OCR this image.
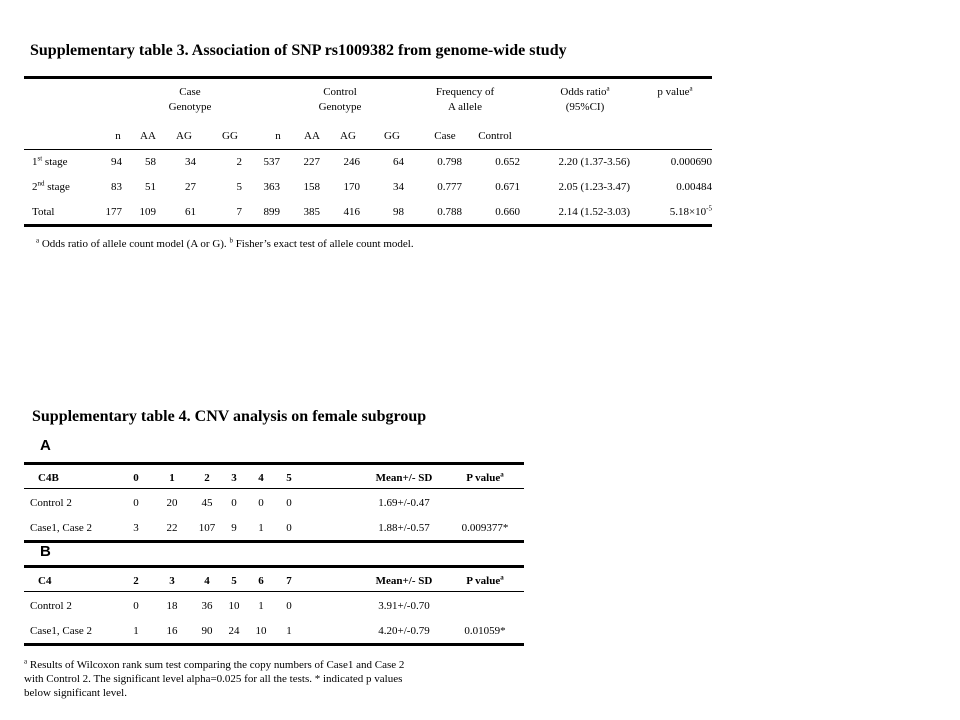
Supplementary table 3. Association of SNP rs1009382 from genome-wide study
Case
Genotype
Control
Genotype
Frequency of
A allele
Odds ratio$^a$
(95%CI)
p value$^a$
n	AA	AG	GG	n	AA	AG	GG	Case	Control
1st stage	94	58	34	2	537	227	246	64	0.798	0.652	2.20 (1.37-3.56)	0.000690
2nd stage	83	51	27	5	363	158	170	34	0.777	0.671	2.05 (1.23-3.47)	0.00484
Total	177	109	61	7	899	385	416	98	0.788	0.660	2.14 (1.52-3.03)	$5.18\times 10^{-5}$
$^a$ Odds ratio of allele count model (A or G). $^b$ Fisher’s exact test of allele count model.
Supplementary table 4. CNV analysis on female subgroup
A
B
C4B	0	1	2	3	4	5	Mean+/- SD	P value$^a$
Control 2	0	20	45	0	0	0	1.69+/-0.47
Case1, Case 2	3	22	107	9	1	0	1.88+/-0.57	0.009377*
C4	2	3	4	5	6	7	Mean+/- SD	P value$^a$
Control 2	0	18	36	10	1	0	3.91+/-0.70
Case1, Case 2	1	16	90	24	10	1	4.20+/-0.79	0.01059*
$^a$ Results of Wilcoxon rank sum test comparing the copy numbers of Case1 and Case 2
with Control 2. The significant level alpha=0.025 for all the tests. * indicated p values
below significant level.
